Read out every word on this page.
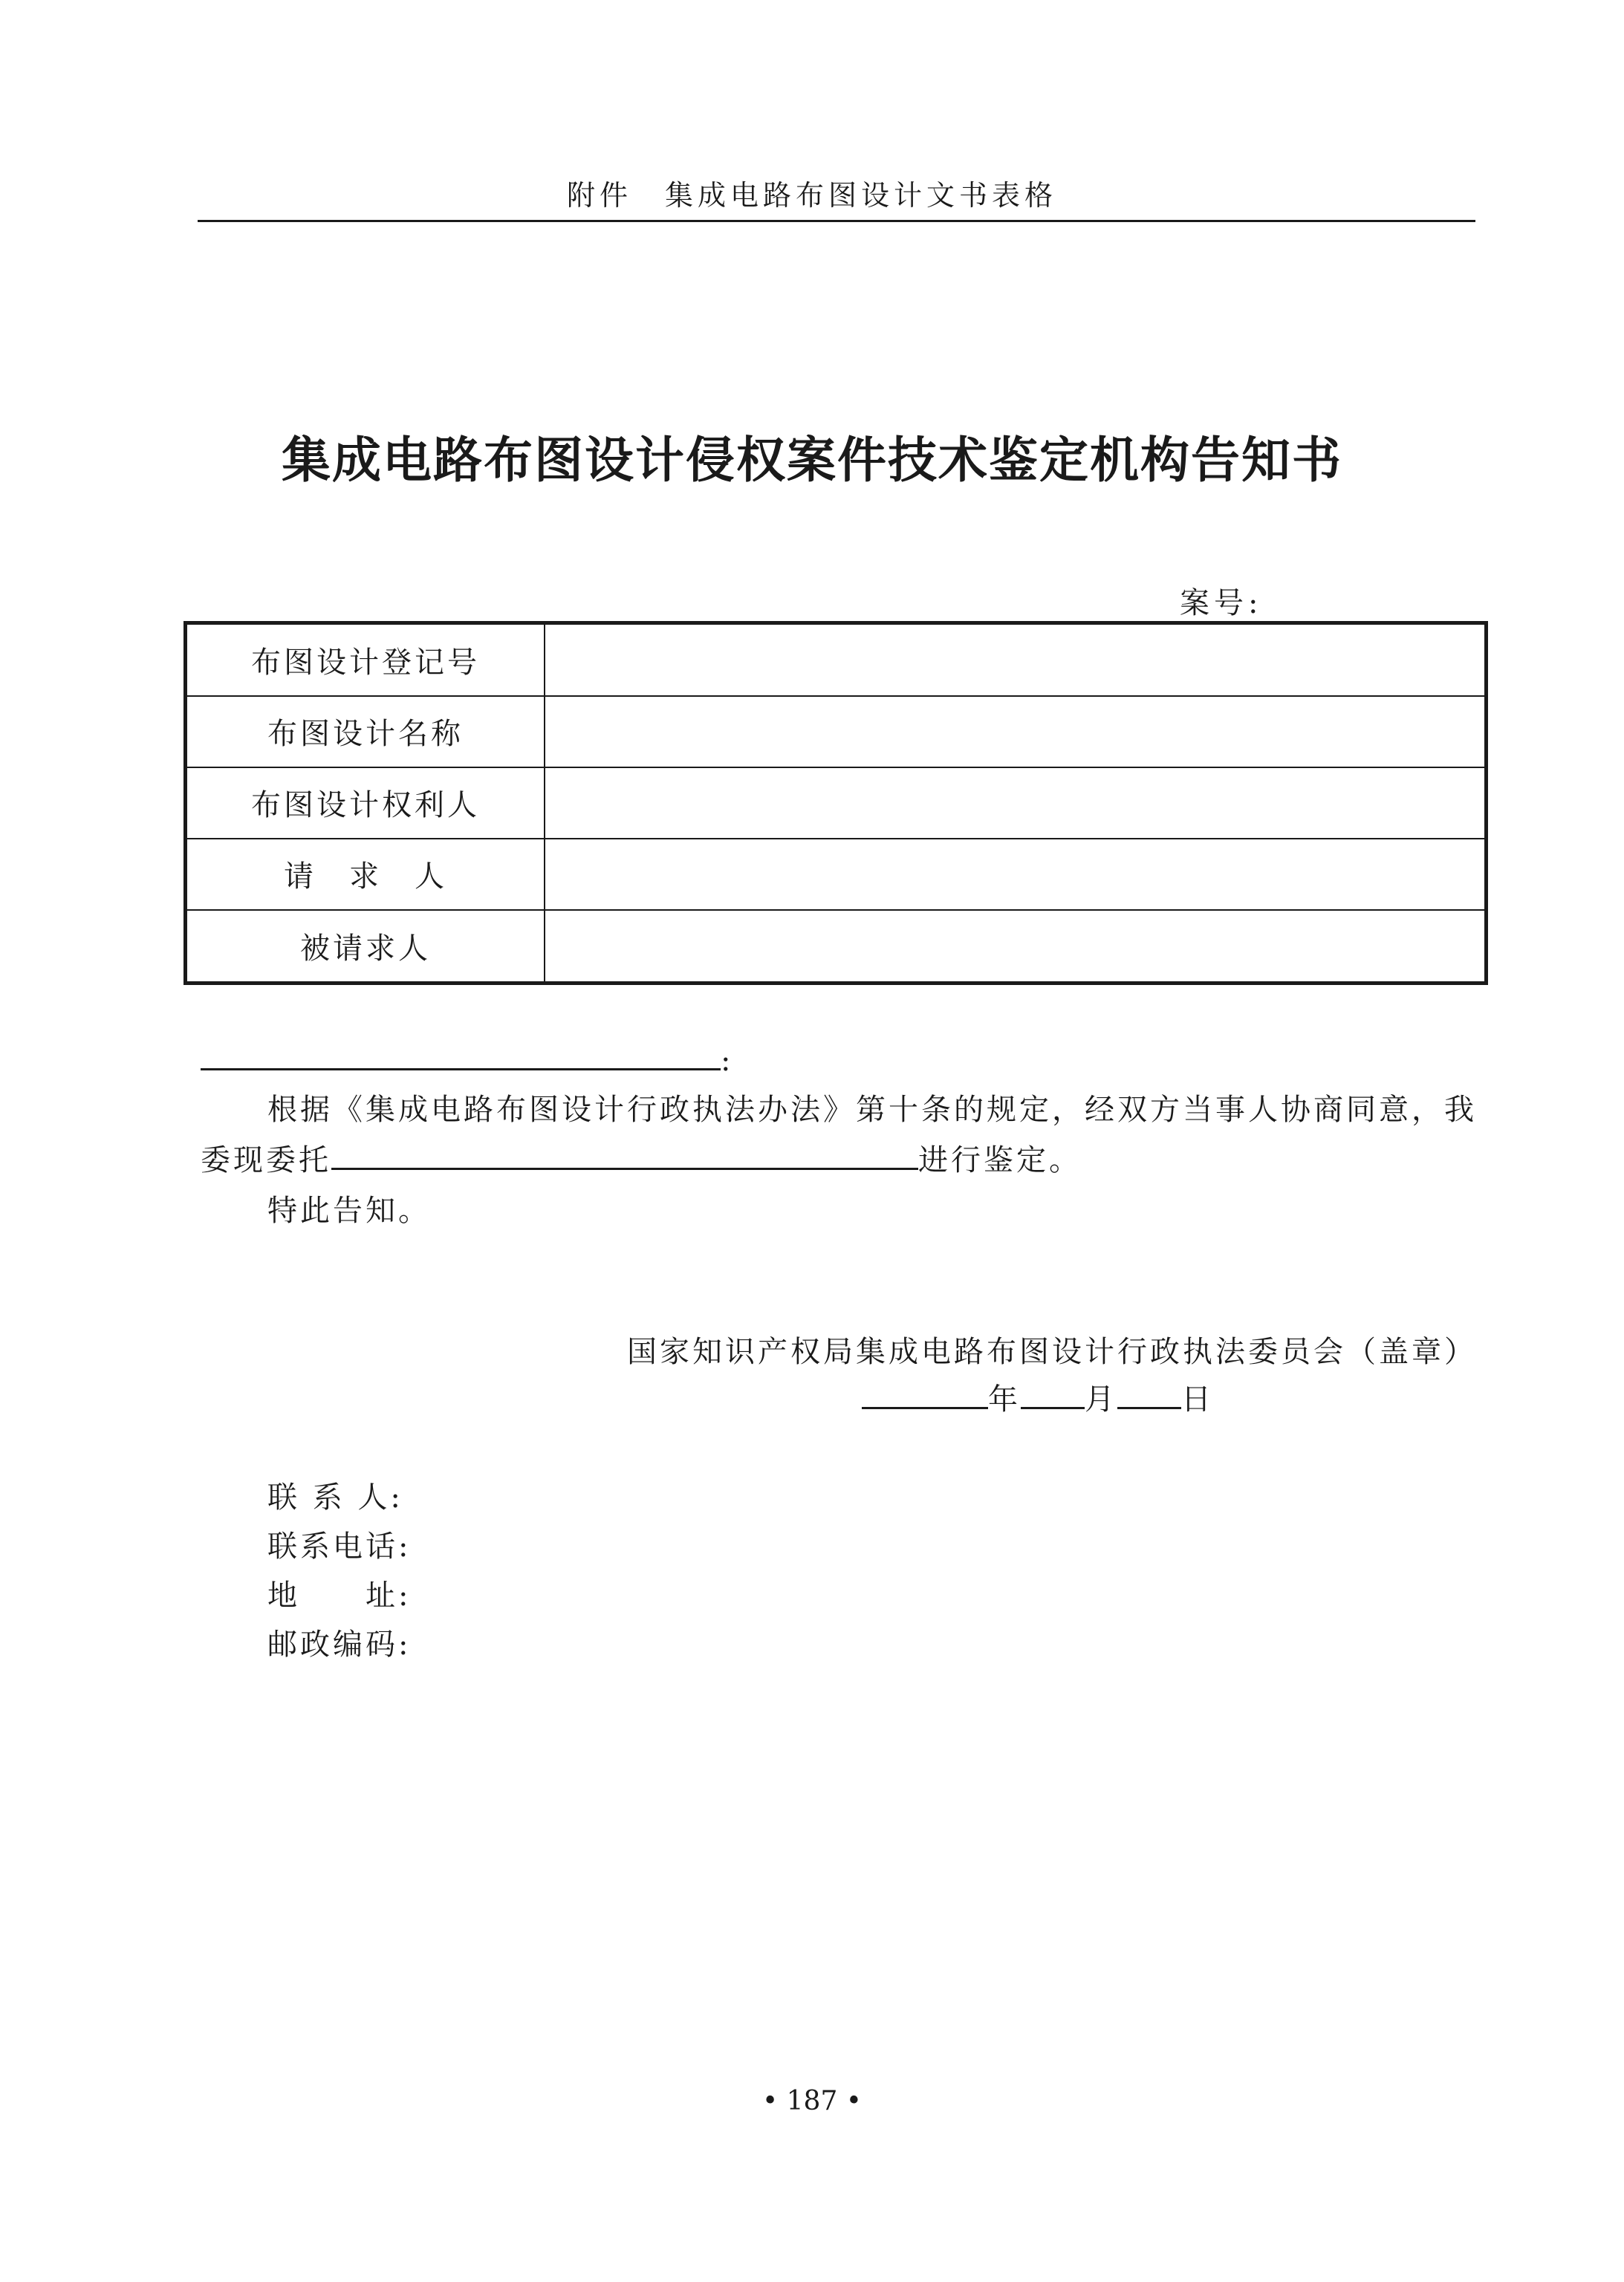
附件　集成电路布图设计文书表格
集成电路布图设计侵权案件技术鉴定机构告知书
案号:
布图设计登记号	
布图设计名称	
布图设计权利人	
请　求　人	
被请求人	
:
根据《集成电路布图设计行政执法办法》第十条的规定，经双方当事人协商同意，我
委现委托	进行鉴定。
特此告知。
国家知识产权局集成电路布图设计行政执法委员会（盖章）
年 月 日
联 系 人:
联系电话:
地　　址:
邮政编码:
• 187 •
